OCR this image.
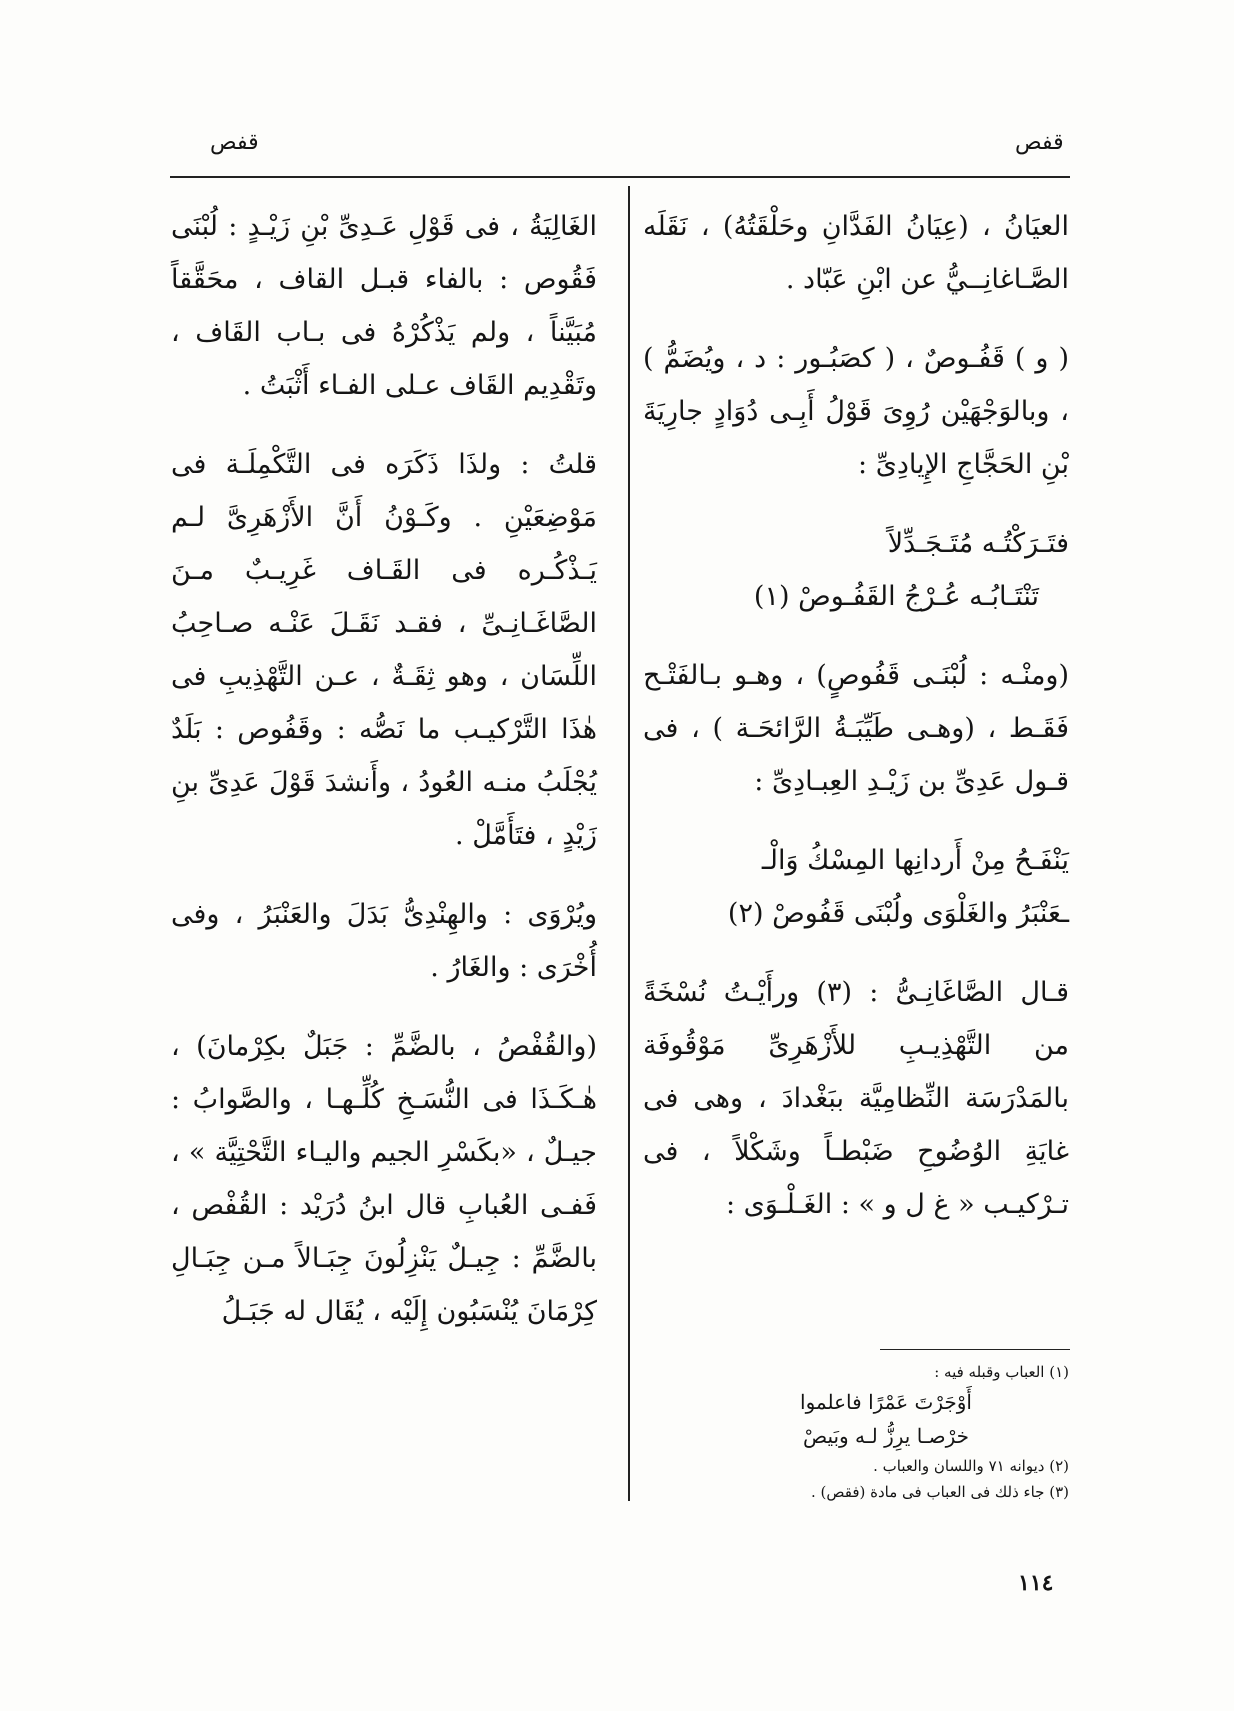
قفص
قفص

العيَانُ ، (عِيَانُ الفَدَّانِ وحَلْقَتُهُ) ، نَقَلَه الصَّـاغانِــيُّ عن ابْنِ عَبّاد .

( و ) قَفُـوصٌ ، ( كصَبُـور : د ، ويُضَمُّ ) ، وبالوَجْهَيْن رُوِىَ قَوْلُ أَبِـى دُوَادٍ جارِيَةَ بْنِ الحَجَّاجِ الإِيادِىِّ :

فتَـرَكْتُـه مُتَـجَـدِّلاً
تَنْتَـابُـه عُـرْجُ القَفُـوصْ (١)

(ومنْـه : لُبْنَـى قَفُوصٍ) ، وهـو بـالفَتْـح فَقَـط ، (وهـى طَيِّبَـةُ الرَّائحَـة ) ، فى قـول عَدِىِّ بن زَيْـدِ العِبـادِىِّ :

يَنْفَـحُ مِنْ أَردانِها المِسْكُ وَالْـ
ـعَنْبَرُ والغَلْوَى ولُبْنَى قَفُوصْ (٢)

قـال الصَّاغَانِـىُّ : (٣) ورأَيْـتُ نُسْخَةً من التَّهْذِيـبِ للأَزْهَرِىِّ مَوْقُوفَة بالمَدْرَسَة النِّظامِيَّة ببَغْدادَ ، وهى فى غايَةِ الوُضُوحِ ضَبْطـاً وشَكْلاً ، فى تـرْكيـب « غ ل و » : الغَـلْـوَى :

(١) العباب وقبله فيه :
أَوْجَرْتَ عَمْرًا فاعلموا
خرْصـا يرِزُّ لـه وبَيصْ
(٢) ديوانه ٧١ واللسان والعباب .
(٣) جاء ذلك فى العباب فى مادة (فقص) .

الغَالِيَةُ ، فى قَوْلِ عَـدِىِّ بْنِ زَيْـدٍ : لُبْنَى فَقُوص : بالفاء قبـل القاف ، محَقَّقاً مُبَيَّناً ، ولم يَذْكُرْهُ فى بـاب القَاف ، وتَقْدِيم القَاف عـلى الفـاء أَثْبَتُ .

قلتُ : ولذَا ذَكَرَه فى التَّكْمِلَـة فى مَوْضِعَيْنِ . وكَـوْنُ أَنَّ الأَزْهَرِىَّ لـم يَـذْكُـره فى القَـاف غَرِيـبٌ مـنَ الصَّاغَـانِـىِّ ، فقـد نَقَـلَ عَنْـه صـاحِبُ اللِّسَان ، وهو ثِقَـةٌ ، عـن التَّهْذِيبِ فى هٰذَا التَّرْكيـب ما نَصُّه : وقَفُوص : بَلَدٌ يُجْلَبُ منـه العُودُ ، وأَنشدَ قَوْلَ عَدِىِّ بنِ زَيْدٍ ، فتَأَمَّلْ .

ويُرْوَى : والهِنْدِىُّ بَدَلَ والعَنْبَرُ ، وفى أُخْرَى : والغَارُ .

(والقُفْصُ ، بالضَّمِّ : جَبَلٌ بكِرْمانَ) ، هٰـكَـذَا فى النُّسَـخِ كُلِّـهـا ، والصَّوابُ : جيـلٌ ، «بكَسْرِ الجيم واليـاء التَّحْتِيَّة » ، فَفـى العُبابِ قال ابنُ دُرَيْد : القُفْص ، بالضَّمِّ : جِيـلٌ يَنْزِلُونَ جِبَـالاً مـن جِبَـالِ كِرْمَانَ يُنْسَبُون إِلَيْه ، يُقَال له جَبَـلُ

١١٤
